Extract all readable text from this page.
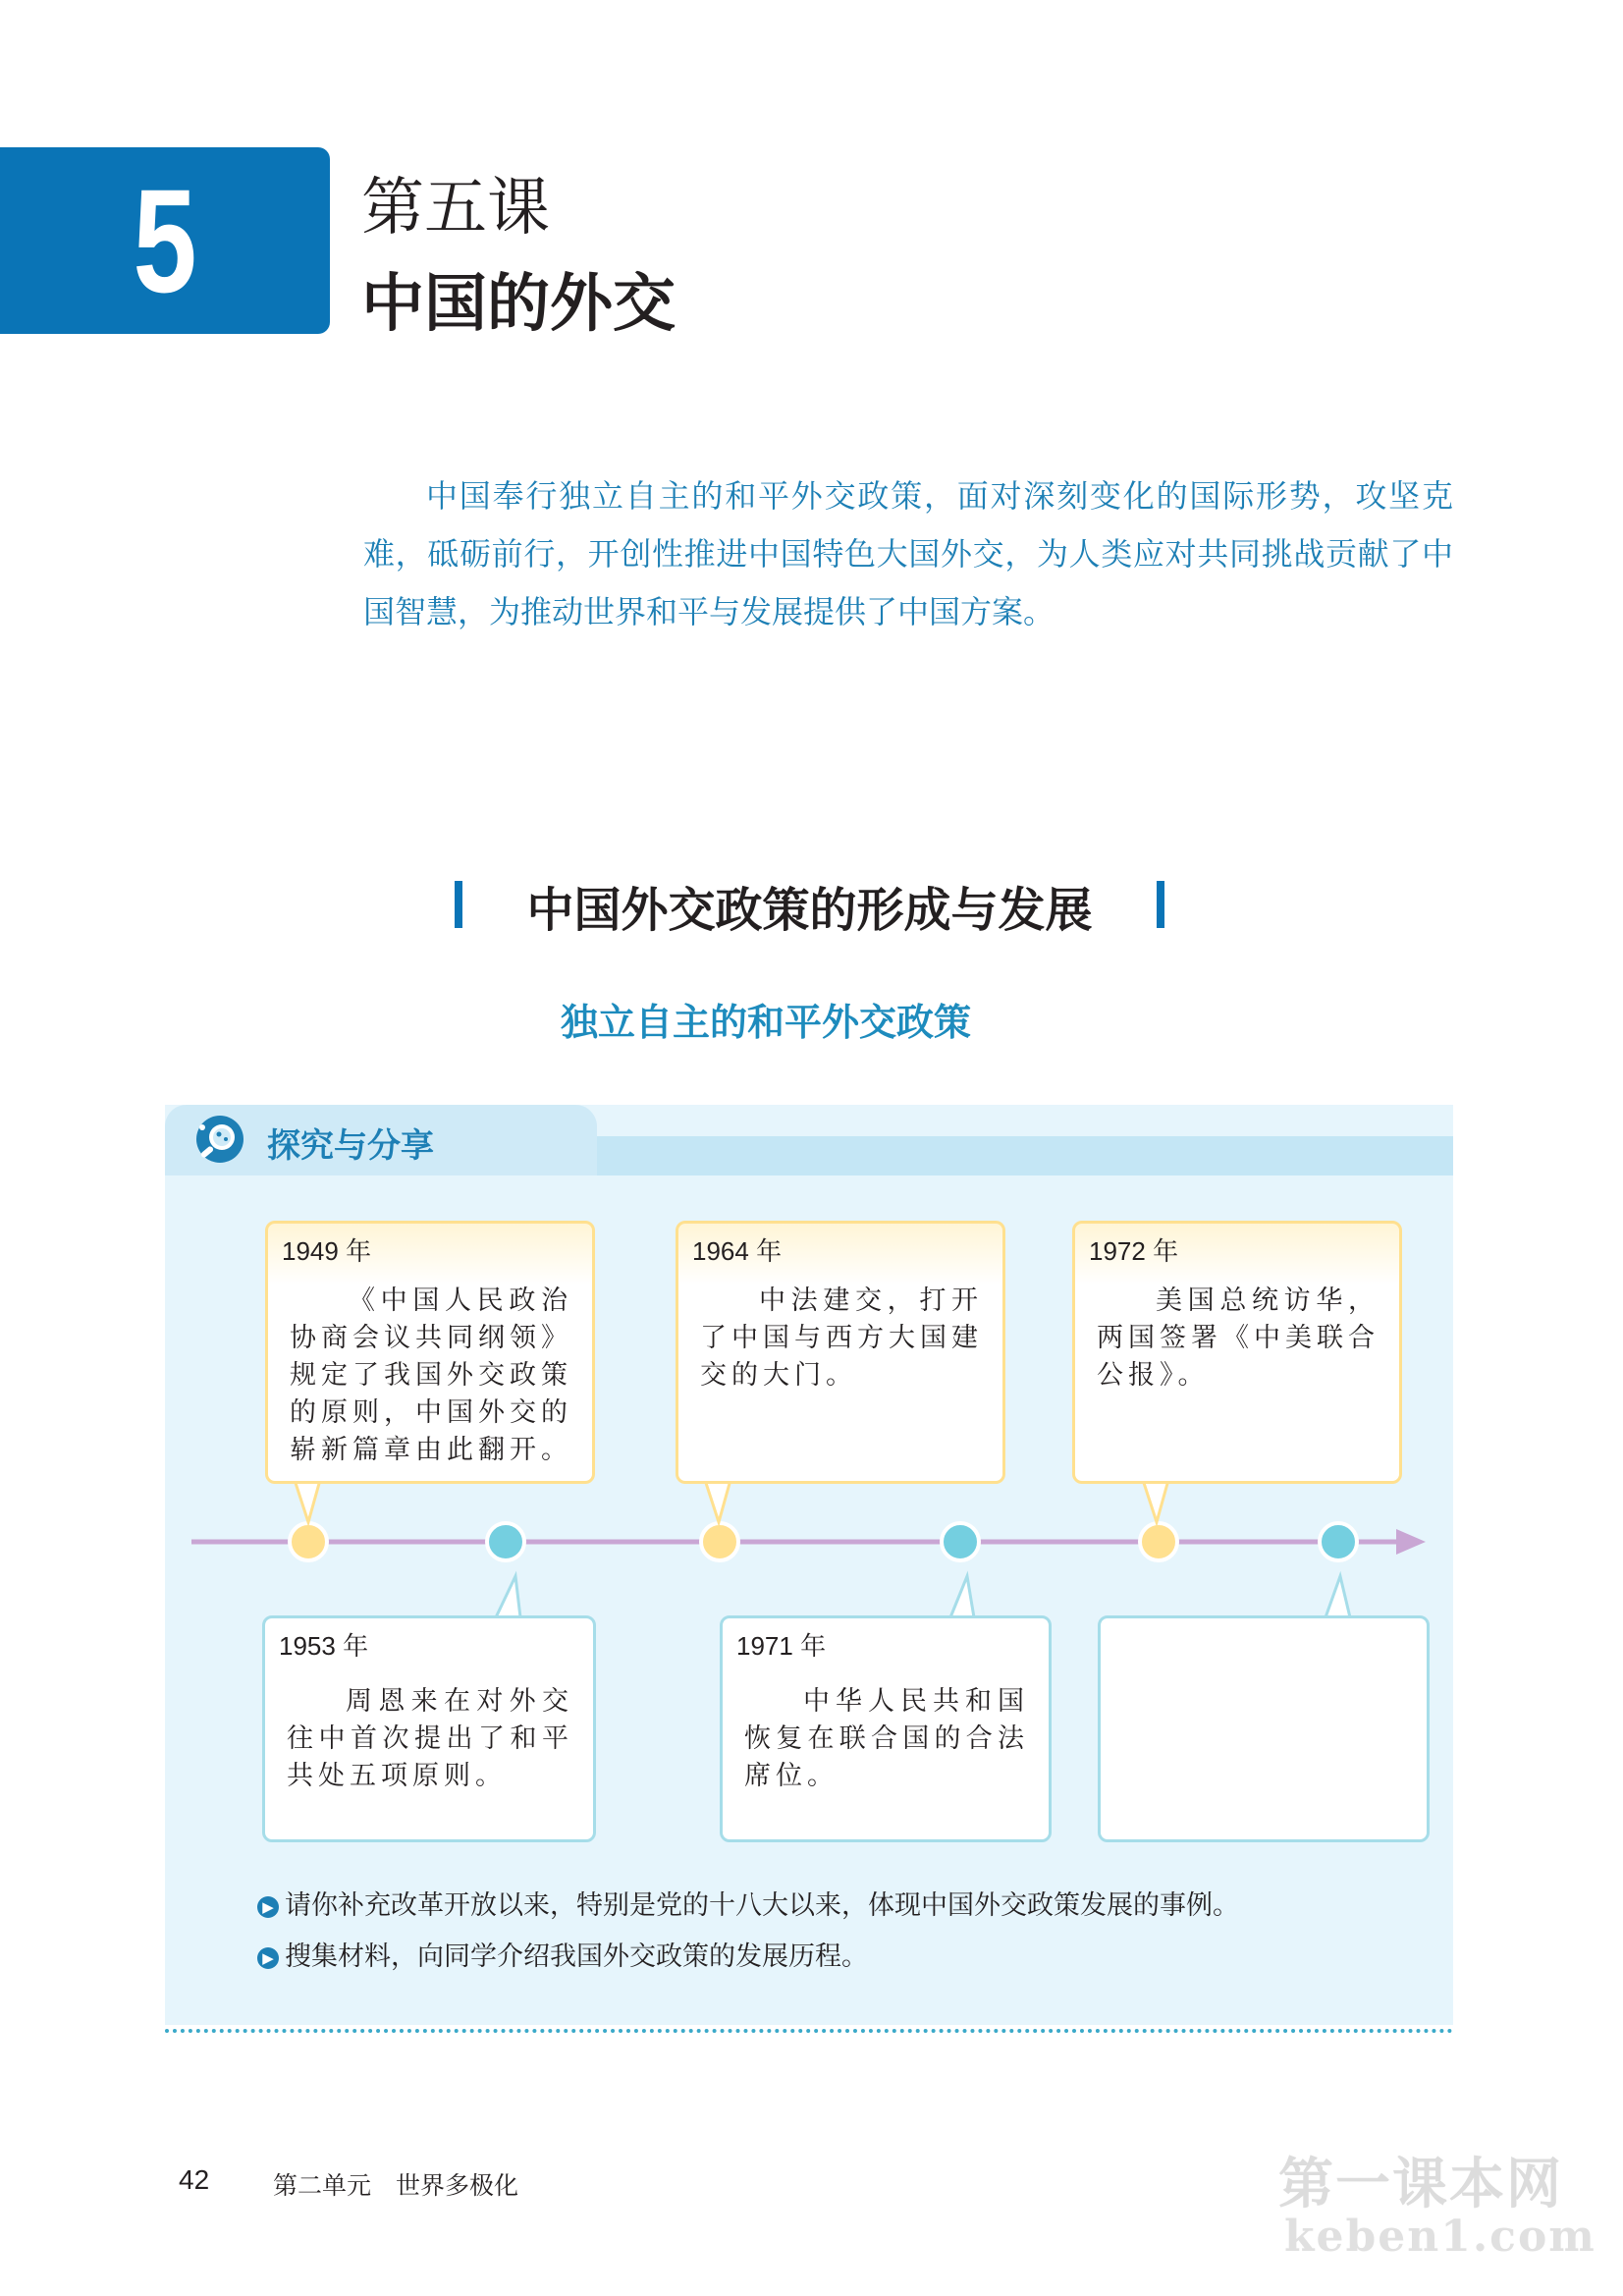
5	第五课
中国的外交
中国奉行独立自主的和平外交政策，面对深刻变化的国际形势，攻坚克难，砥砺前行，开创性推进中国特色大国外交，为人类应对共同挑战贡献了中国智慧，为推动世界和平与发展提供了中国方案。
中国外交政策的形成与发展
独立自主的和平外交政策
探究与分享
1949 年
《中国人民政治协商会议共同纲领》规定了我国外交政策的原则，中国外交的崭新篇章由此翻开。
1964 年
中法建交，打开了中国与西方大国建交的大门。
1972 年
美国总统访华，两国签署《中美联合公报》。
1953 年
周恩来在对外交往中首次提出了和平共处五项原则。
1971 年
中华人民共和国恢复在联合国的合法席位。
▶ 请你补充改革开放以来，特别是党的十八大以来，体现中国外交政策发展的事例。
▶ 搜集材料，向同学介绍我国外交政策的发展历程。
42	第二单元　世界多极化	第一课本网
keben1.com
